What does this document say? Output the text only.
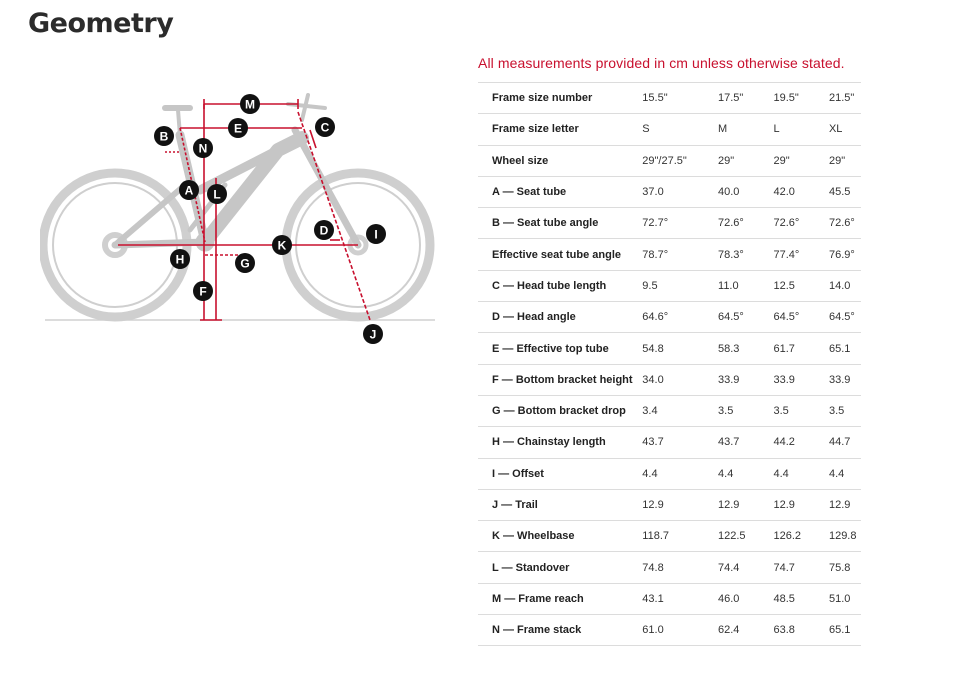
Geometry
M
E
B
N
C
A L
D	I
H
K
G
F
J
All measurements provided in cm unless otherwise stated.
Frame size number	15.5"	17.5"	19.5"	21.5"
Frame size letter	S	M	L	XL
Wheel size	29"/27.5"	29"	29"	29"
A — Seat tube	37.0	40.0	42.0	45.5
B — Seat tube angle	72.7°	72.6°	72.6°	72.6°
Effective seat tube angle	78.7°	78.3°	77.4°	76.9°
C — Head tube length	9.5	11.0	12.5	14.0
D — Head angle	64.6°	64.5°	64.5°	64.5°
E — Effective top tube	54.8	58.3	61.7	65.1
F — Bottom bracket height	34.0	33.9	33.9	33.9
G — Bottom bracket drop	3.4	3.5	3.5	3.5
H — Chainstay length	43.7	43.7	44.2	44.7
I — Offset	4.4	4.4	4.4	4.4
J — Trail	12.9	12.9	12.9	12.9
K — Wheelbase	118.7	122.5	126.2	129.8
L — Standover	74.8	74.4	74.7	75.8
M — Frame reach	43.1	46.0	48.5	51.0
N — Frame stack	61.0	62.4	63.8	65.1
